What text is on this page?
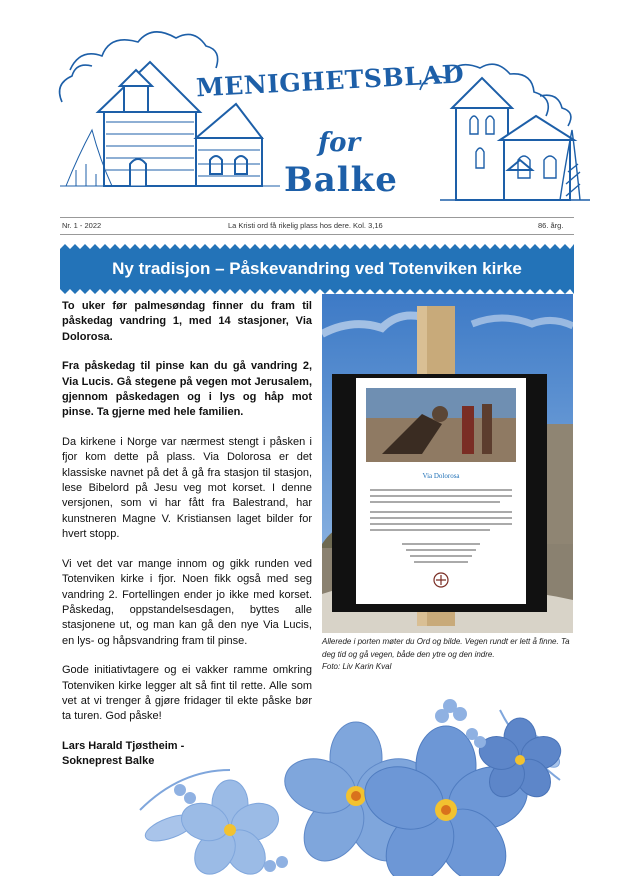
MENIGHETSBLAD
for
Balke
Nr. 1 - 2022	La Kristi ord få rikelig plass hos dere. Kol. 3,16	86. årg.
Ny tradisjon – Påskevandring ved Totenviken kirke

To uker før palmesøndag finner du fram til påskedag vandring 1, med 14 stasjoner, Via Dolorosa.

Fra påskedag til pinse kan du gå vandring 2, Via Lucis. Gå stegene på vegen mot Jerusalem, gjennom påskedagen og i lys og håp mot pinse. Ta gjerne med hele familien.

Da kirkene i Norge var nærmest stengt i påsken i fjor kom dette på plass. Via Dolorosa er det klassiske navnet på det å gå fra stasjon til stasjon, lese Bibelord på Jesu veg mot korset. I denne versjonen, som vi har fått fra Balestrand, har kunstneren Magne V. Kristiansen laget bilder for hvert stopp.

Vi vet det var mange innom og gikk runden ved Totenviken kirke i fjor. Noen fikk også med seg vandring 2. Fortellingen ender jo ikke med korset. Påskedag, oppstandelsesdagen, byttes alle stasjonene ut, og man kan gå den nye Via Lucis, en lys- og håpsvandring fram til pinse.

Gode initiativtagere og ei vakker ramme omkring Totenviken kirke legger alt så fint til rette. Alle som vet at vi trenger å gjøre fridager til ekte påske bør ta turen. God påske!

Lars Harald Tjøstheim -

Sokneprest Balke

Via Dolorosa
Allerede i porten møter du Ord og bilde. Vegen rundt er lett å finne. Ta deg tid og gå vegen, både den ytre og den indre.
Foto: Liv Karin Kval
